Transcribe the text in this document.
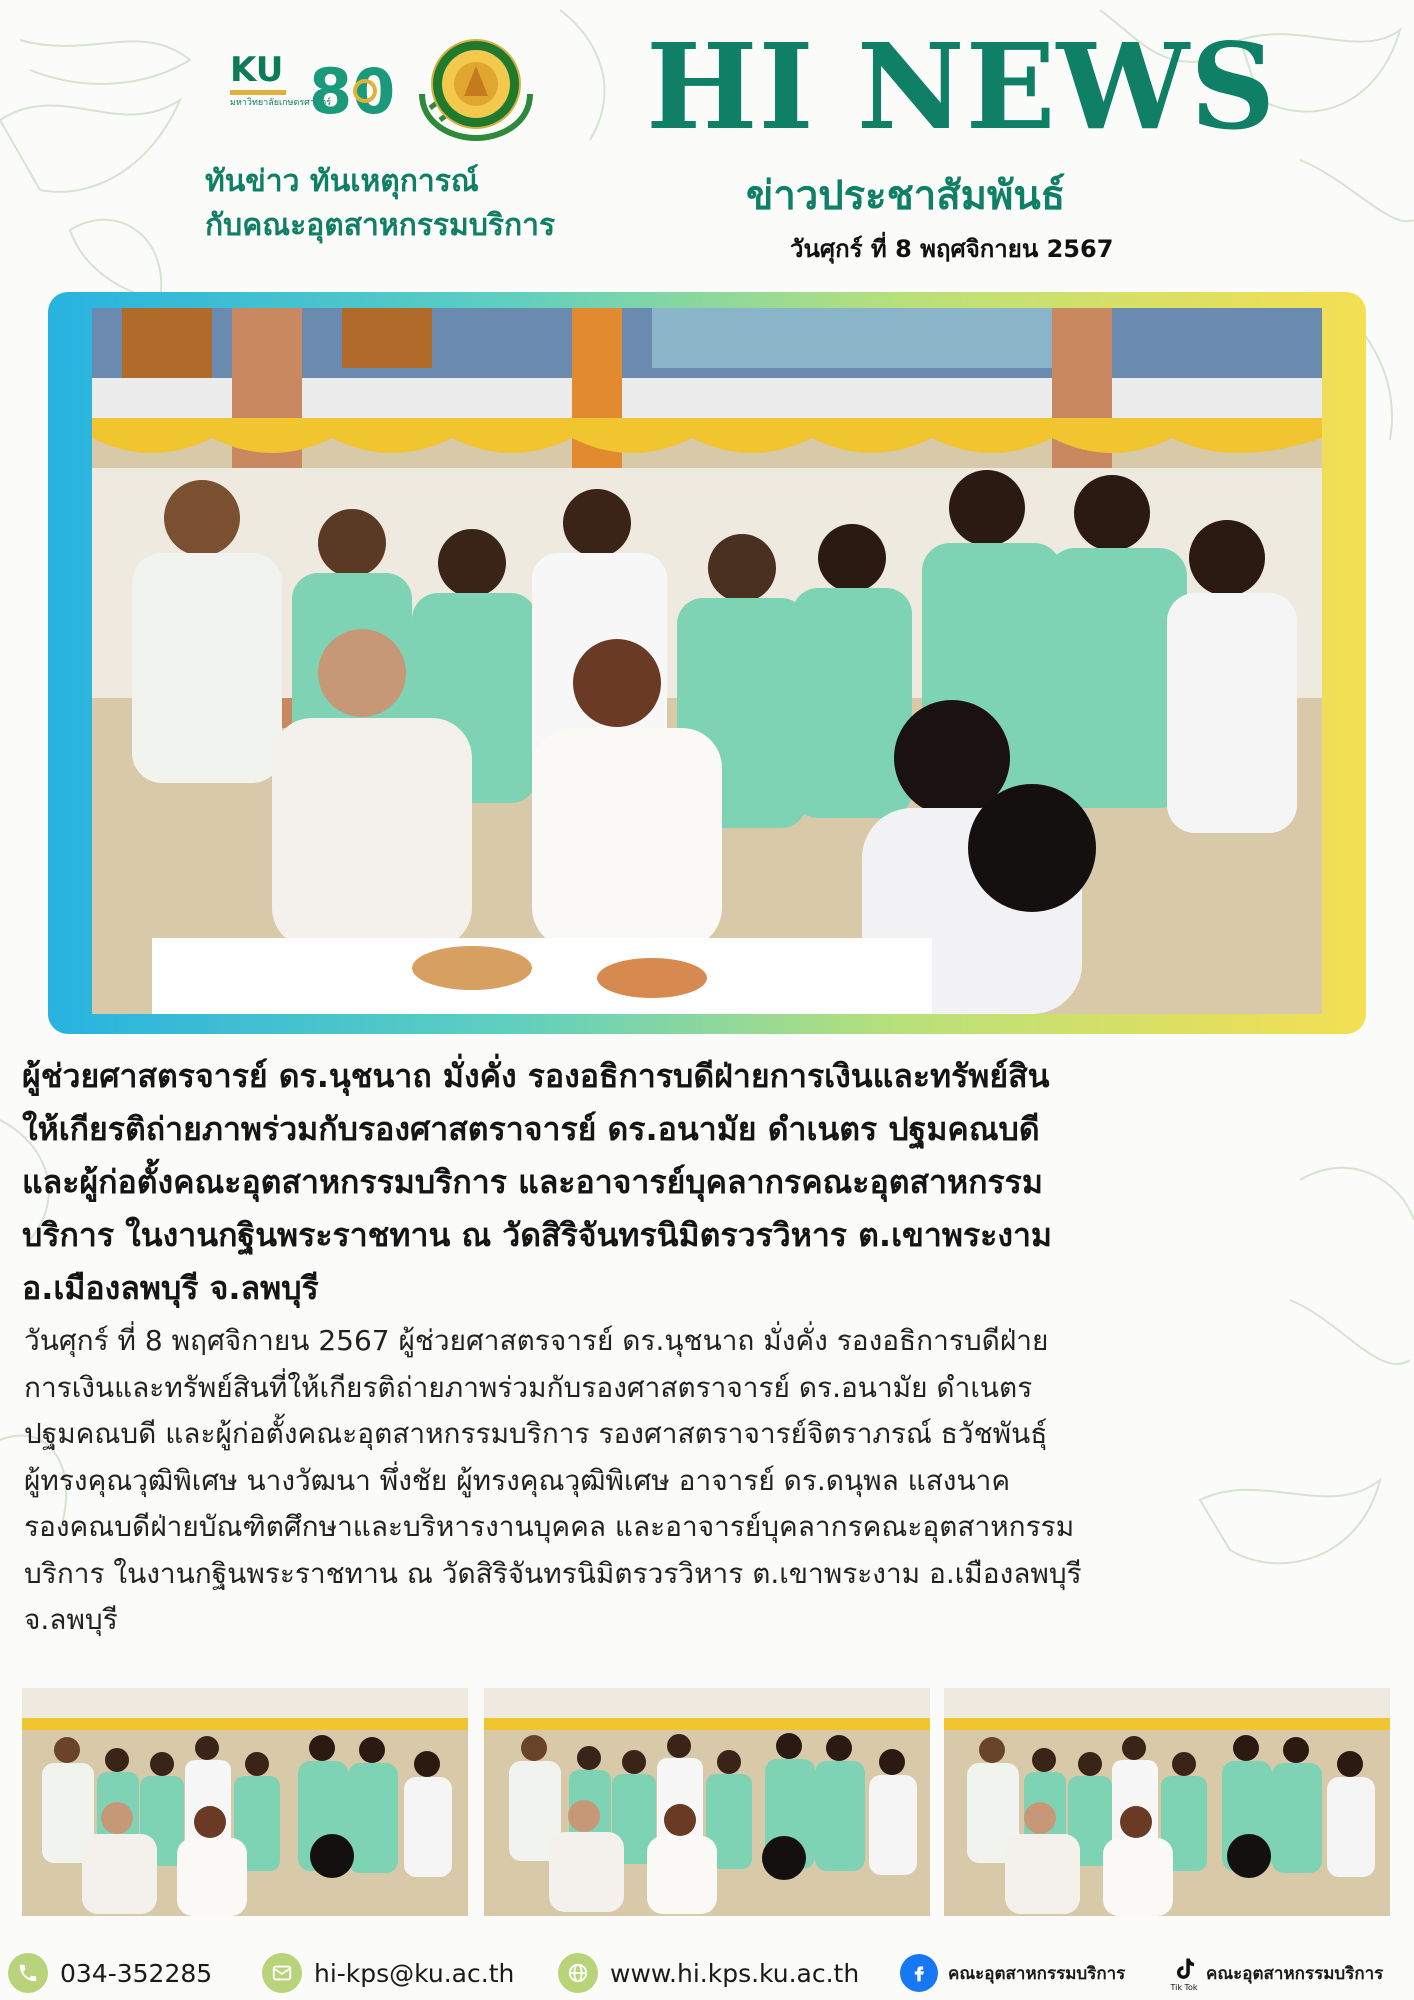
KU
มหาวิทยาลัยเกษตรศาสตร์
80
ทันข่าว ทันเหตุการณ์
กับคณะอุตสาหกรรมบริการ
HI NEWS
ข่าวประชาสัมพันธ์
วันศุกร์ ที่ 8 พฤศจิกายน 2567

ผู้ช่วยศาสตรจารย์ ดร.นุชนาถ มั่งคั่ง รองอธิการบดีฝ่ายการเงินและทรัพย์สิน

ให้เกียรติถ่ายภาพร่วมกับรองศาสตราจารย์ ดร.อนามัย ดำเนตร ปฐมคณบดี

และผู้ก่อตั้งคณะอุตสาหกรรมบริการ และอาจารย์บุคลากรคณะอุตสาหกรรม

บริการ ในงานกฐินพระราชทาน ณ วัดสิริจันทรนิมิตรวรวิหาร ต.เขาพระงาม

อ.เมืองลพบุรี จ.ลพบุรี

วันศุกร์ ที่ 8 พฤศจิกายน 2567 ผู้ช่วยศาสตรจารย์ ดร.นุชนาถ มั่งคั่ง รองอธิการบดีฝ่าย

การเงินและทรัพย์สินที่ให้เกียรติถ่ายภาพร่วมกับรองศาสตราจารย์ ดร.อนามัย ดำเนตร

ปฐมคณบดี และผู้ก่อตั้งคณะอุตสาหกรรมบริการ รองศาสตราจารย์จิตราภรณ์ ธวัชพันธุ์

ผู้ทรงคุณวุฒิพิเศษ นางวัฒนา พึ่งชัย ผู้ทรงคุณวุฒิพิเศษ อาจารย์ ดร.ดนุพล แสงนาค

รองคณบดีฝ่ายบัณฑิตศึกษาและบริหารงานบุคคล และอาจารย์บุคลากรคณะอุตสาหกรรม

บริการ ในงานกฐินพระราชทาน ณ วัดสิริจันทรนิมิตรวรวิหาร ต.เขาพระงาม อ.เมืองลพบุรี

จ.ลพบุรี

034-352285	hi-kps@ku.ac.th	www.hi.kps.ku.ac.th	คณะอุตสาหกรรมบริการ
Tik Tok
คณะอุตสาหกรรมบริการ
